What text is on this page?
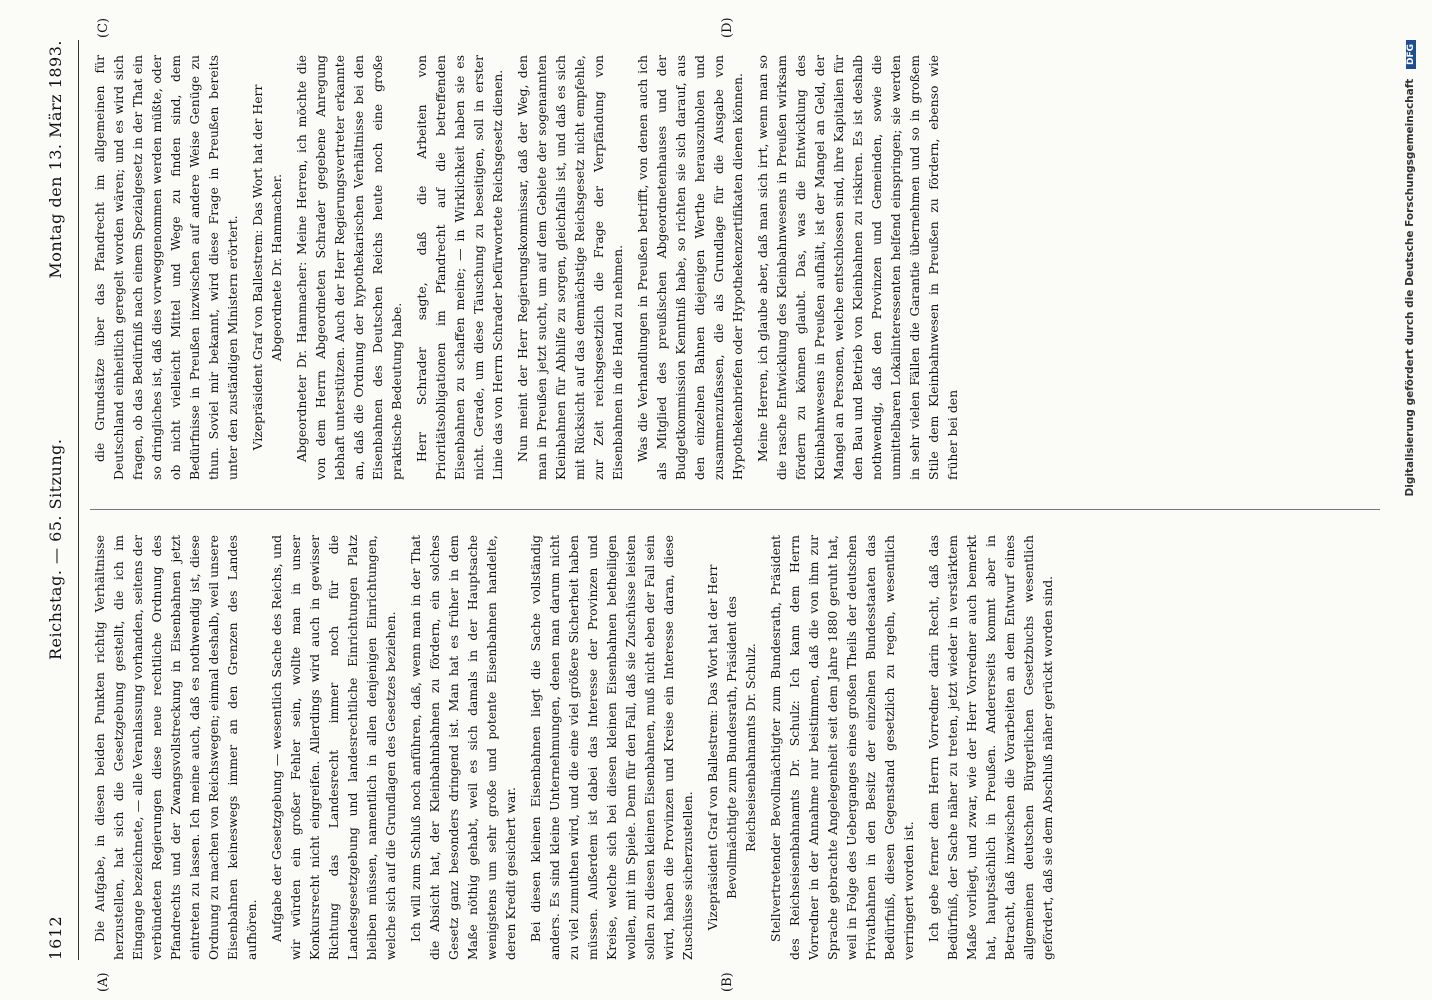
1612
Reichstag. — 65. Sitzung.
Montag den 13. März 1893.
(A)	(B)
(C)	(D)

Die Aufgabe, in diesen beiden Punkten richtig Verhältnisse herzustellen, hat sich die Gesetzgebung gestellt, die ich im Eingange bezeichnete, — alle Veranlassung vorhanden, seitens der verbündeten Regierungen diese neue rechtliche Ordnung des Pfandrechts und der Zwangsvollstreckung in Eisenbahnen jetzt eintreten zu lassen. Ich meine auch, daß es nothwendig ist, diese Ordnung zu machen von Reichswegen; einmal deshalb, weil unsere Eisenbahnen keineswegs immer an den Grenzen des Landes aufhören. Aufgabe der Gesetzgebung — wesentlich Sache des Reichs, und wir würden ein großer Fehler sein, wollte man in unser Konkursrecht nicht eingreifen. Allerdings wird auch in gewisser Richtung das Landesrecht immer noch für die Landesgesetzgebung und landesrechtliche Einrichtungen Platz bleiben müssen, namentlich in allen denjenigen Einrichtungen, welche sich auf die Grundlagen des Gesetzes beziehen. Ich will zum Schluß noch anführen, daß, wenn man in der That die Absicht hat, der Kleinbahnbahnen zu fördern, ein solches Gesetz ganz besonders dringend ist. Man hat es früher in dem Maße nöthig gehabt, weil es sich damals in der Hauptsache wenigstens um sehr große und potente Eisenbahnen handelte, deren Kredit gesichert war. Bei diesen kleinen Eisenbahnen liegt die Sache vollständig anders. Es sind kleine Unternehmungen, denen man darum nicht zu viel zumuthen wird, und die eine viel größere Sicherheit haben müssen. Außerdem ist dabei das Interesse der Provinzen und Kreise, welche sich bei diesen kleinen Eisenbahnen betheiligen wollen, mit im Spiele. Denn für den Fall, daß sie Zuschüsse leisten sollen zu diesen kleinen Eisenbahnen, muß nicht eben der Fall sein wird, haben die Provinzen und Kreise ein Interesse daran, diese Zuschüsse sicherzustellen. Vizepräsident Graf von Ballestrem: Das Wort hat der Herr Bevollmächtigte zum Bundesrath, Präsident des Reichseisenbahnamts Dr. Schulz. Stellvertretender Bevollmächtigter zum Bundesrath, Präsident des Reichseisenbahnamts Dr. Schulz: Ich kann dem Herrn Vorredner in der Annahme nur beistimmen, daß die von ihm zur Sprache gebrachte Angelegenheit seit dem Jahre 1880 geruht hat, weil in Folge des Ueberganges eines großen Theils der deutschen Privatbahnen in den Besitz der einzelnen Bundesstaaten das Bedürfniß, diesen Gegenstand gesetzlich zu regeln, wesentlich verringert worden ist. Ich gebe ferner dem Herrn Vorredner darin Recht, daß das Bedürfniß, der Sache näher zu treten, jetzt wieder in verstärktem Maße vorliegt, und zwar, wie der Herr Vorredner auch bemerkt hat, hauptsächlich in Preußen. Andererseits kommt aber in Betracht, daß inzwischen die Vorarbeiten an dem Entwurf eines allgemeinen deutschen Bürgerlichen Gesetzbuchs wesentlich gefördert, daß sie dem Abschluß näher gerückt worden sind.

die Grundsätze über das Pfandrecht im allgemeinen für Deutschland einheitlich geregelt worden wären; und es wird sich fragen, ob das Bedürfniß nach einem Spezialgesetz in der That ein so dringliches ist, daß dies vorweggenommen werden müßte, oder ob nicht vielleicht Mittel und Wege zu finden sind, dem Bedürfnisse in Preußen inzwischen auf andere Weise Genüge zu thun. Soviel mir bekannt, wird diese Frage in Preußen bereits unter den zuständigen Ministern erörtert. Vizepräsident Graf von Ballestrem: Das Wort hat der Herr Abgeordnete Dr. Hammacher. Abgeordneter Dr. Hammacher: Meine Herren, ich möchte die von dem Herrn Abgeordneten Schrader gegebene Anregung lebhaft unterstützen. Auch der Herr Regierungsvertreter erkannte an, daß die Ordnung der hypothekarischen Verhältnisse bei den Eisenbahnen des Deutschen Reichs heute noch eine große praktische Bedeutung habe. Herr Schrader sagte, daß die Arbeiten von Prioritätsobligationen im Pfandrecht auf die betreffenden Eisenbahnen zu schaffen meine; — in Wirklichkeit haben sie es nicht. Gerade, um diese Täuschung zu beseitigen, soll in erster Linie das von Herrn Schrader befürwortete Reichsgesetz dienen. Nun meint der Herr Regierungskommissar, daß der Weg, den man in Preußen jetzt sucht, um auf dem Gebiete der sogenannten Kleinbahnen für Abhilfe zu sorgen, gleichfalls ist, und daß es sich mit Rücksicht auf das demnächstige Reichsgesetz nicht empfehle, zur Zeit reichsgesetzlich die Frage der Verpfändung von Eisenbahnen in die Hand zu nehmen. Was die Verhandlungen in Preußen betrifft, von denen auch ich als Mitglied des preußischen Abgeordnetenhauses und der Budgetkommission Kenntniß habe, so richten sie sich darauf, aus den einzelnen Bahnen diejenigen Werthe herauszuholen und zusammenzufassen, die als Grundlage für die Ausgabe von Hypothekenbriefen oder Hypothekenzertifikaten dienen können. Meine Herren, ich glaube aber, daß man sich irrt, wenn man so die rasche Entwicklung des Kleinbahnwesens in Preußen wirksam fördern zu können glaubt. Das, was die Entwicklung des Kleinbahnwesens in Preußen aufhält, ist der Mangel an Geld, der Mangel an Personen, welche entschlossen sind, ihre Kapitalien für den Bau und Betrieb von Kleinbahnen zu riskiren. Es ist deshalb nothwendig, daß den Provinzen und Gemeinden, sowie die unmittelbaren Lokalinteressenten helfend einspringen; sie werden in sehr vielen Fällen die Garantie übernehmen und so in großem Stile dem Kleinbahnwesen in Preußen zu fördern, ebenso wie früher bei den	Digitalisierung gefördert durch die Deutsche Forschungsgemeinschaft DFG
